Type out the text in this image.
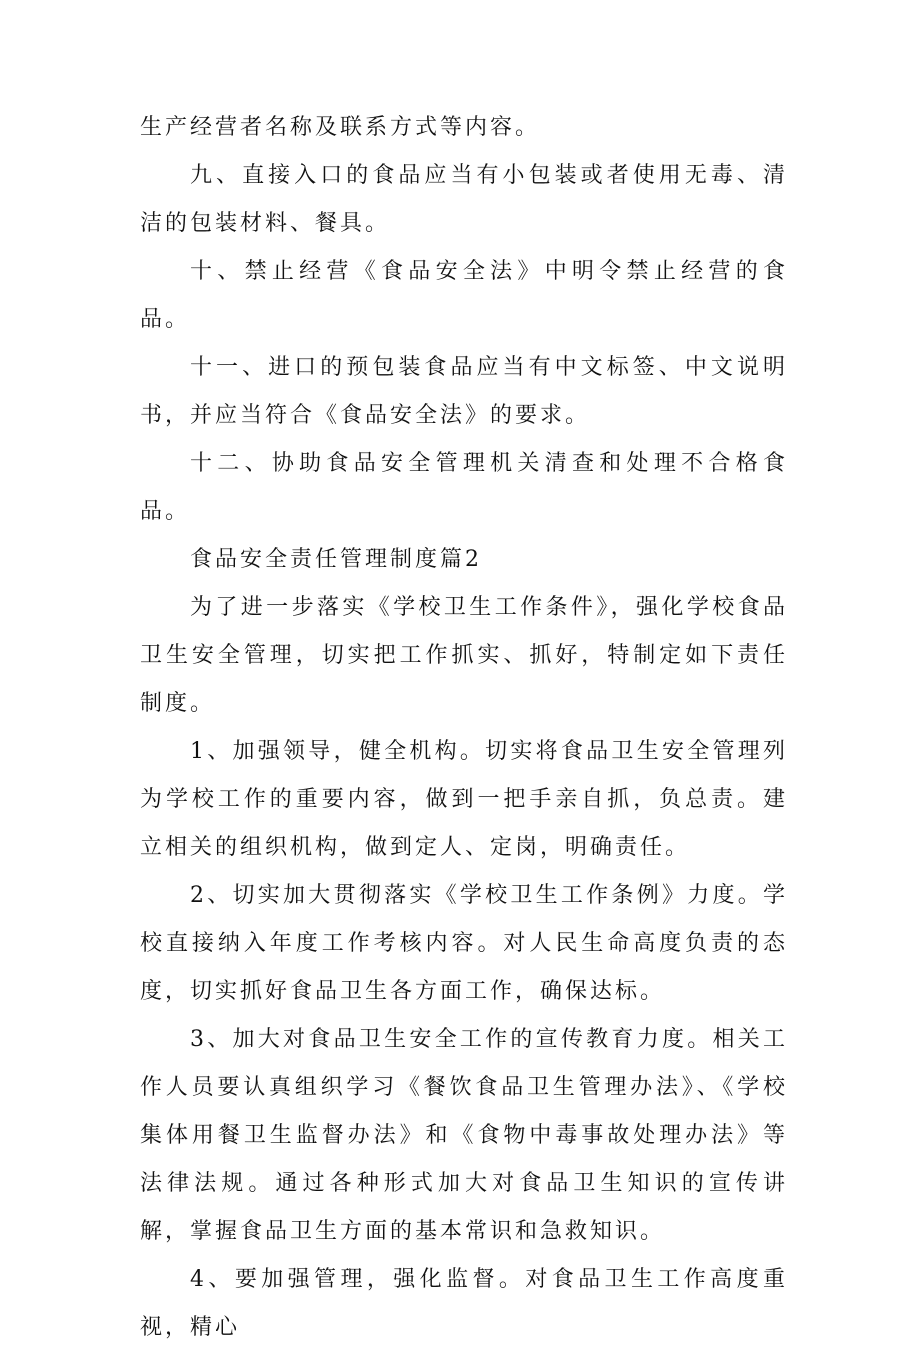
生产经营者名称及联系方式等内容。

九、直接入口的食品应当有小包装或者使用无毒、清洁的包装材料、餐具。

十、禁止经营《食品安全法》中明令禁止经营的食品。

十一、进口的预包装食品应当有中文标签、中文说明书，并应当符合《食品安全法》的要求。

十二、协助食品安全管理机关清查和处理不合格食品。

食品安全责任管理制度篇2

为了进一步落实《学校卫生工作条件》，强化学校食品卫生安全管理，切实把工作抓实、抓好，特制定如下责任制度。

1、加强领导，健全机构。切实将食品卫生安全管理列为学校工作的重要内容，做到一把手亲自抓，负总责。建立相关的组织机构，做到定人、定岗，明确责任。

2、切实加大贯彻落实《学校卫生工作条例》力度。学校直接纳入年度工作考核内容。对人民生命高度负责的态度，切实抓好食品卫生各方面工作，确保达标。

3、加大对食品卫生安全工作的宣传教育力度。相关工作人员要认真组织学习《餐饮食品卫生管理办法》、《学校集体用餐卫生监督办法》和《食物中毒事故处理办法》等法律法规。通过各种形式加大对食品卫生知识的宣传讲解，掌握食品卫生方面的基本常识和急救知识。

4、要加强管理，强化监督。对食品卫生工作高度重视，精心
